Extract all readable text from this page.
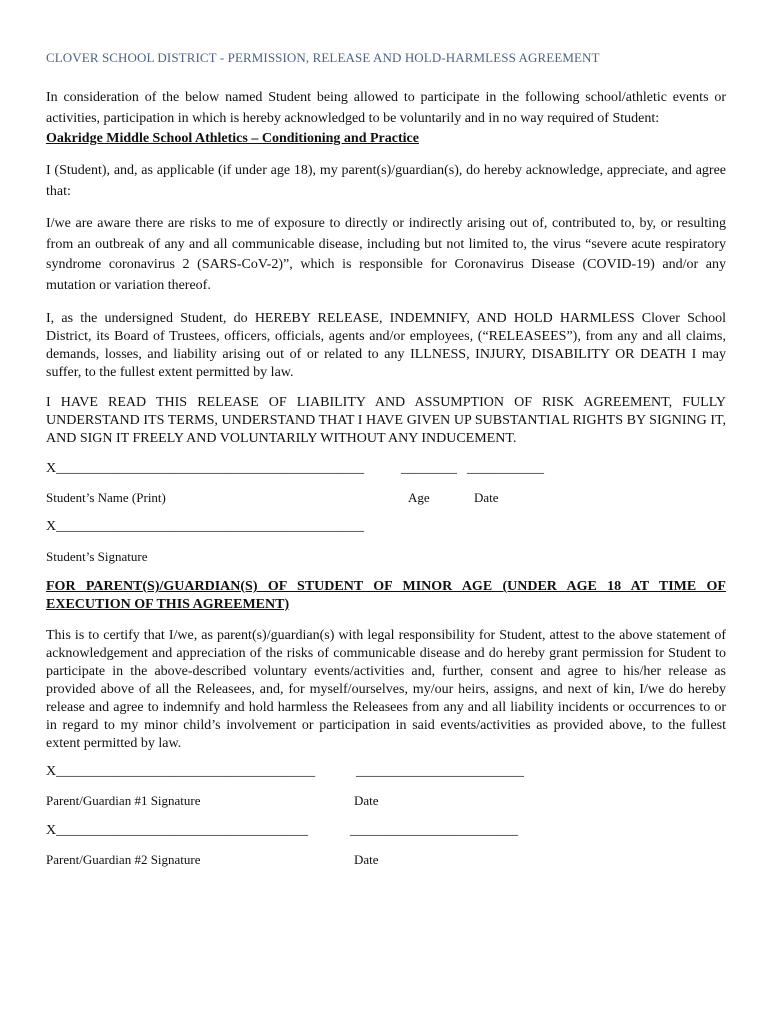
CLOVER SCHOOL DISTRICT - PERMISSION, RELEASE AND HOLD-HARMLESS AGREEMENT
In consideration of the below named Student being allowed to participate in the following school/athletic events or activities, participation in which is hereby acknowledged to be voluntarily and in no way required of Student:
Oakridge Middle School Athletics – Conditioning and Practice
I (Student), and, as applicable (if under age 18), my parent(s)/guardian(s), do hereby acknowledge, appreciate, and agree that:
I/we are aware there are risks to me of exposure to directly or indirectly arising out of, contributed to, by, or resulting from an outbreak of any and all communicable disease, including but not limited to, the virus “severe acute respiratory syndrome coronavirus 2 (SARS-CoV-2)”, which is responsible for Coronavirus Disease (COVID-19) and/or any mutation or variation thereof.
I, as the undersigned Student, do HEREBY RELEASE, INDEMNIFY, AND HOLD HARMLESS Clover School District, its Board of Trustees, officers, officials, agents and/or employees, (“RELEASEES”), from any and all claims, demands, losses, and liability arising out of or related to any ILLNESS, INJURY, DISABILITY OR DEATH I may suffer, to the fullest extent permitted by law.
I HAVE READ THIS RELEASE OF LIABILITY AND ASSUMPTION OF RISK AGREEMENT, FULLY UNDERSTAND ITS TERMS, UNDERSTAND THAT I HAVE GIVEN UP SUBSTANTIAL RIGHTS BY SIGNING IT, AND SIGN IT FREELY AND VOLUNTARILY WITHOUT ANY INDUCEMENT.
X____________________________________________	________ ___________
Student’s Name (Print)	Age	Date
X____________________________________________
Student’s Signature
FOR PARENT(S)/GUARDIAN(S) OF STUDENT OF MINOR AGE (UNDER AGE 18 AT TIME OF EXECUTION OF THIS AGREEMENT)
This is to certify that I/we, as parent(s)/guardian(s) with legal responsibility for Student, attest to the above statement of acknowledgement and appreciation of the risks of communicable disease and do hereby grant permission for Student to participate in the above-described voluntary events/activities and, further, consent and agree to his/her release as provided above of all the Releasees, and, for myself/ourselves, my/our heirs, assigns, and next of kin, I/we do hereby release and agree to indemnify and hold harmless the Releasees from any and all liability incidents or occurrences to or in regard to my minor child’s involvement or participation in said events/activities as provided above, to the fullest extent permitted by law.
X_____________________________________	________________________
Parent/Guardian #1 Signature	Date
X____________________________________	________________________
Parent/Guardian #2 Signature	Date
